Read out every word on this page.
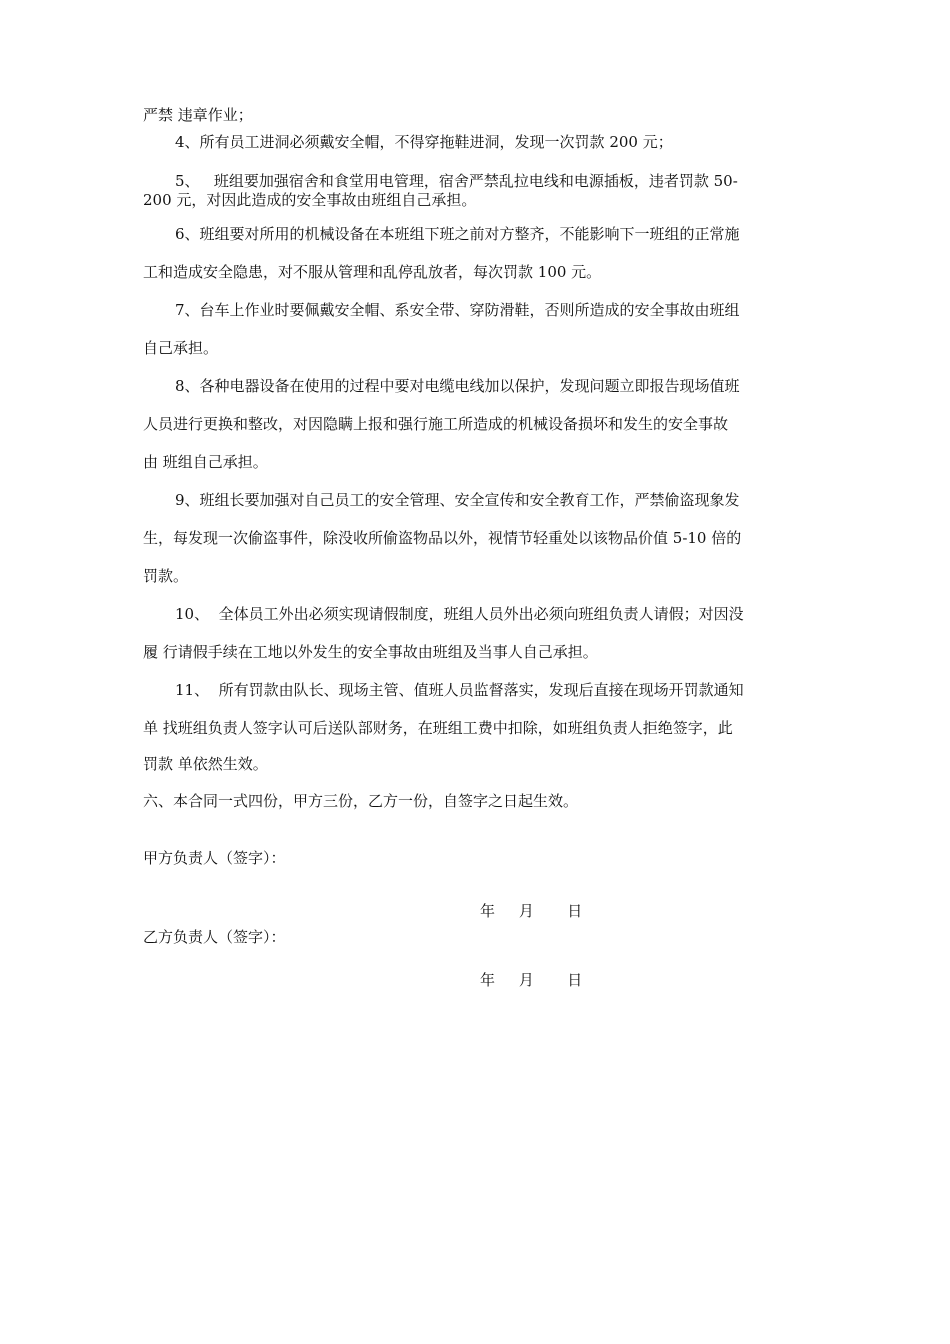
严禁 违章作业；
4、所有员工进洞必须戴安全帽，不得穿拖鞋进洞，发现一次罚款 200 元；
5、   班组要加强宿舍和食堂用电管理，宿舍严禁乱拉电线和电源插板，违者罚款 50-
200 元，对因此造成的安全事故由班组自己承担。
6、班组要对所用的机械设备在本班组下班之前对方整齐，不能影响下一班组的正常施
工和造成安全隐患，对不服从管理和乱停乱放者，每次罚款 100 元。
7、台车上作业时要佩戴安全帽、系安全带、穿防滑鞋，否则所造成的安全事故由班组
自己承担。
8、各种电器设备在使用的过程中要对电缆电线加以保护，发现问题立即报告现场值班
人员进行更换和整改，对因隐瞒上报和强行施工所造成的机械设备损坏和发生的安全事故
由 班组自己承担。
9、班组长要加强对自己员工的安全管理、安全宣传和安全教育工作，严禁偷盗现象发
生，每发现一次偷盗事件，除没收所偷盗物品以外，视情节轻重处以该物品价值 5-10 倍的
罚款。
10、  全体员工外出必须实现请假制度，班组人员外出必须向班组负责人请假；对因没
履 行请假手续在工地以外发生的安全事故由班组及当事人自己承担。
11、  所有罚款由队长、现场主管、值班人员监督落实，发现后直接在现场开罚款通知
单 找班组负责人签字认可后送队部财务，在班组工费中扣除，如班组负责人拒绝签字，此
罚款 单依然生效。
六、本合同一式四份，甲方三份，乙方一份，自签字之日起生效。
甲方负责人（签字）：
年     月       日
乙方负责人（签字）：
年     月       日
